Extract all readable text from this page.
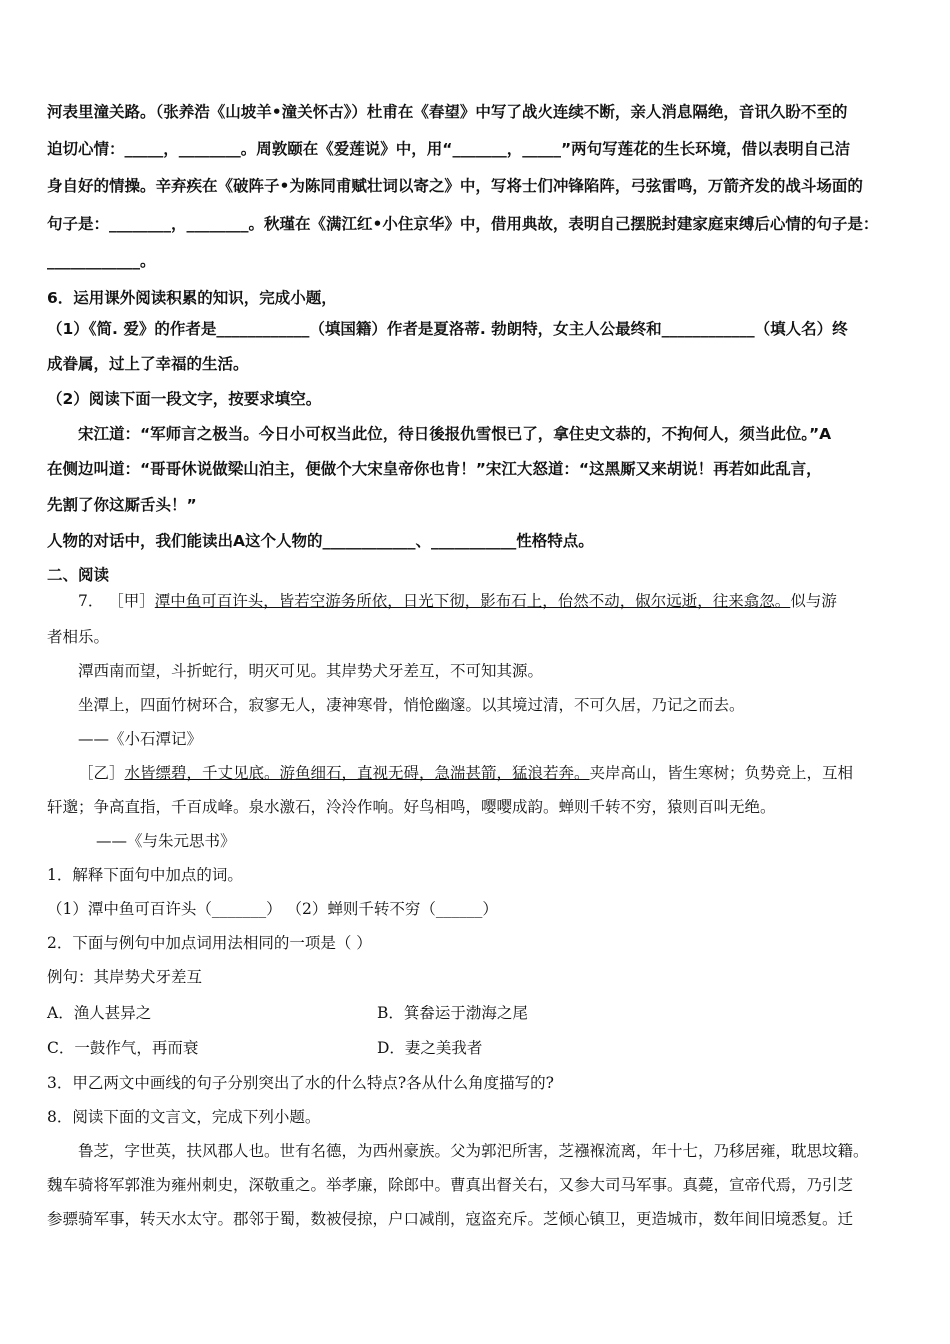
河表里潼关路。（张养浩《山坡羊•潼关怀古》）杜甫在《春望》中写了战火连续不断，亲人消息隔绝，音讯久盼不至的
迫切心情：_____，________。周敦颐在《爱莲说》中，用“_______，_____”两句写莲花的生长环境，借以表明自己洁
身自好的情操。辛弃疾在《破阵子•为陈同甫赋壮词以寄之》中，写将士们冲锋陷阵，弓弦雷鸣，万箭齐发的战斗场面的
句子是：________，________。秋瑾在《满江红•小住京华》中，借用典故，表明自己摆脱封建家庭束缚后心情的句子是：
____________。
6．运用课外阅读积累的知识，完成小题，
（1）《简. 爱》的作者是____________（填国籍）作者是夏洛蒂. 勃朗特，女主人公最终和____________（填人名）终
成眷属，过上了幸福的生活。
（2）阅读下面一段文字，按要求填空。
宋江道：“军师言之极当。今日小可权当此位，待日後报仇雪恨已了，拿住史文恭的，不拘何人，须当此位。”A
在侧边叫道：“哥哥休说做梁山泊主，便做个大宋皇帝你也肯！”宋江大怒道：“这黑厮又来胡说！再若如此乱言，
先割了你这厮舌头！”
人物的对话中，我们能读出A这个人物的____________、___________性格特点。
二、阅读
7． ［甲］潭中鱼可百许头，皆若空游务所依，日光下彻，影布石上，佁然不动，俶尔远逝，往来翕忽。似与游
者相乐。
潭西南而望，斗折蛇行，明灭可见。其岸势犬牙差互，不可知其源。
坐潭上，四面竹树环合，寂寥无人，凄神寒骨，悄怆幽邃。以其境过清，不可久居，乃记之而去。
——《小石潭记》
［乙］水皆缥碧，千丈见底。游鱼细石，直视无碍，急湍甚箭，猛浪若奔。夹岸高山，皆生寒树；负势竞上，互相
轩邈；争高直指，千百成峰。泉水激石，泠泠作响。好鸟相鸣，嘤嘤成韵。蝉则千转不穷，猿则百叫无绝。
——《与朱元思书》
1．解释下面句中加点的词。
（1）潭中鱼可百许头（_______） （2）蝉则千转不穷（______）
2．下面与例句中加点词用法相同的一项是（ ）
例句：其岸势犬牙差互
A．渔人甚异之	B．箕畚运于渤海之尾
C．一鼓作气，再而衰	D．妻之美我者
3．甲乙两文中画线的句子分别突出了水的什么特点?各从什么角度描写的?
8．阅读下面的文言文，完成下列小题。
鲁芝，字世英，扶风郡人也。世有名德，为西州豪族。父为郭汜所害，芝襁褓流离，年十七，乃移居雍，耽思坟籍。
魏车骑将军郭淮为雍州刺史，深敬重之。举孝廉，除郎中。曹真出督关右，又参大司马军事。真薨，宣帝代焉，乃引芝
参骠骑军事，转天水太守。郡邻于蜀，数被侵掠，户口减削，寇盗充斥。芝倾心镇卫，更造城市，数年间旧境悉复。迁
